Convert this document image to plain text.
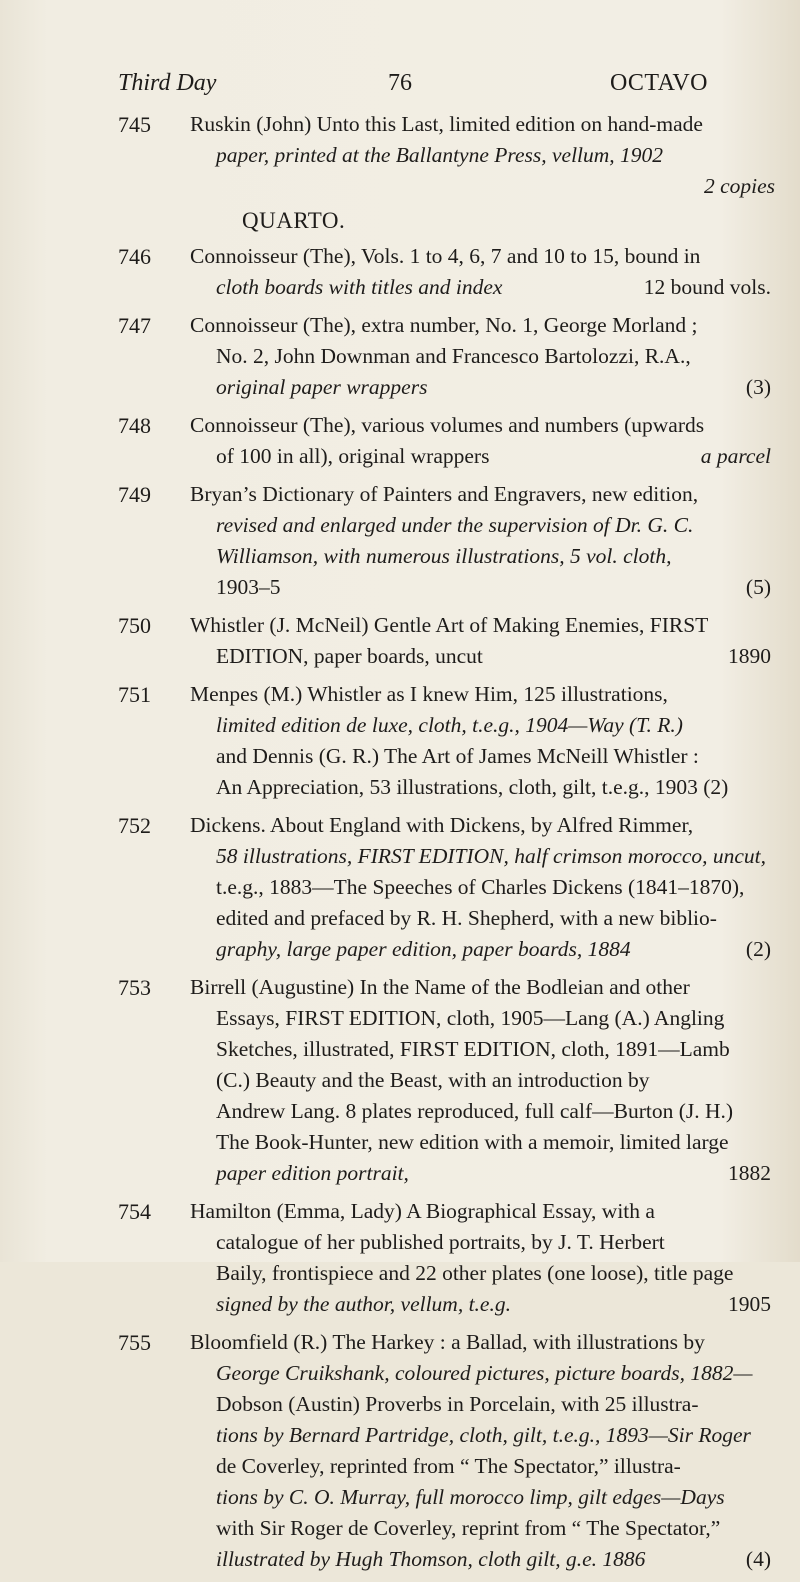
Third Day	76	OCTAVO
745 Ruskin (John) Unto this Last, limited edition on hand-made
paper, printed at the Ballantyne Press, vellum, 1902
2 copies
QUARTO.
746 Connoisseur (The), Vols. 1 to 4, 6, 7 and 10 to 15, bound in
cloth boards with titles and index	12 bound vols.
747 Connoisseur (The), extra number, No. 1, George Morland ;
No. 2, John Downman and Francesco Bartolozzi, R.A.,
original paper wrappers	(3)
748 Connoisseur (The), various volumes and numbers (upwards
of 100 in all), original wrappers	a parcel
749 Bryan’s Dictionary of Painters and Engravers, new edition,
revised and enlarged under the supervision of Dr. G. C.
Williamson, with numerous illustrations, 5 vol. cloth,
1903–5	(5)
750 Whistler (J. McNeil) Gentle Art of Making Enemies, FIRST
EDITION, paper boards, uncut	1890
751 Menpes (M.) Whistler as I knew Him, 125 illustrations,
limited edition de luxe, cloth, t.e.g., 1904—Way (T. R.)
and Dennis (G. R.) The Art of James McNeill Whistler :
An Appreciation, 53 illustrations, cloth, gilt, t.e.g., 1903 (2)
752 Dickens. About England with Dickens, by Alfred Rimmer,
58 illustrations, FIRST EDITION, half crimson morocco, uncut,
t.e.g., 1883—The Speeches of Charles Dickens (1841–1870),
edited and prefaced by R. H. Shepherd, with a new biblio-
graphy, large paper edition, paper boards, 1884	(2)
753 Birrell (Augustine) In the Name of the Bodleian and other
Essays, FIRST EDITION, cloth, 1905—Lang (A.) Angling
Sketches, illustrated, FIRST EDITION, cloth, 1891—Lamb
(C.) Beauty and the Beast, with an introduction by
Andrew Lang. 8 plates reproduced, full calf—Burton (J. H.)
The Book-Hunter, new edition with a memoir, limited large
paper edition portrait,	1882
754 Hamilton (Emma, Lady) A Biographical Essay, with a
catalogue of her published portraits, by J. T. Herbert
Baily, frontispiece and 22 other plates (one loose), title page
signed by the author, vellum, t.e.g.	1905
755 Bloomfield (R.) The Harkey : a Ballad, with illustrations by
George Cruikshank, coloured pictures, picture boards, 1882—
Dobson (Austin) Proverbs in Porcelain, with 25 illustra-
tions by Bernard Partridge, cloth, gilt, t.e.g., 1893—Sir Roger
de Coverley, reprinted from “ The Spectator,” illustra-
tions by C. O. Murray, full morocco limp, gilt edges—Days
with Sir Roger de Coverley, reprint from “ The Spectator,”
illustrated by Hugh Thomson, cloth gilt, g.e. 1886	(4)
